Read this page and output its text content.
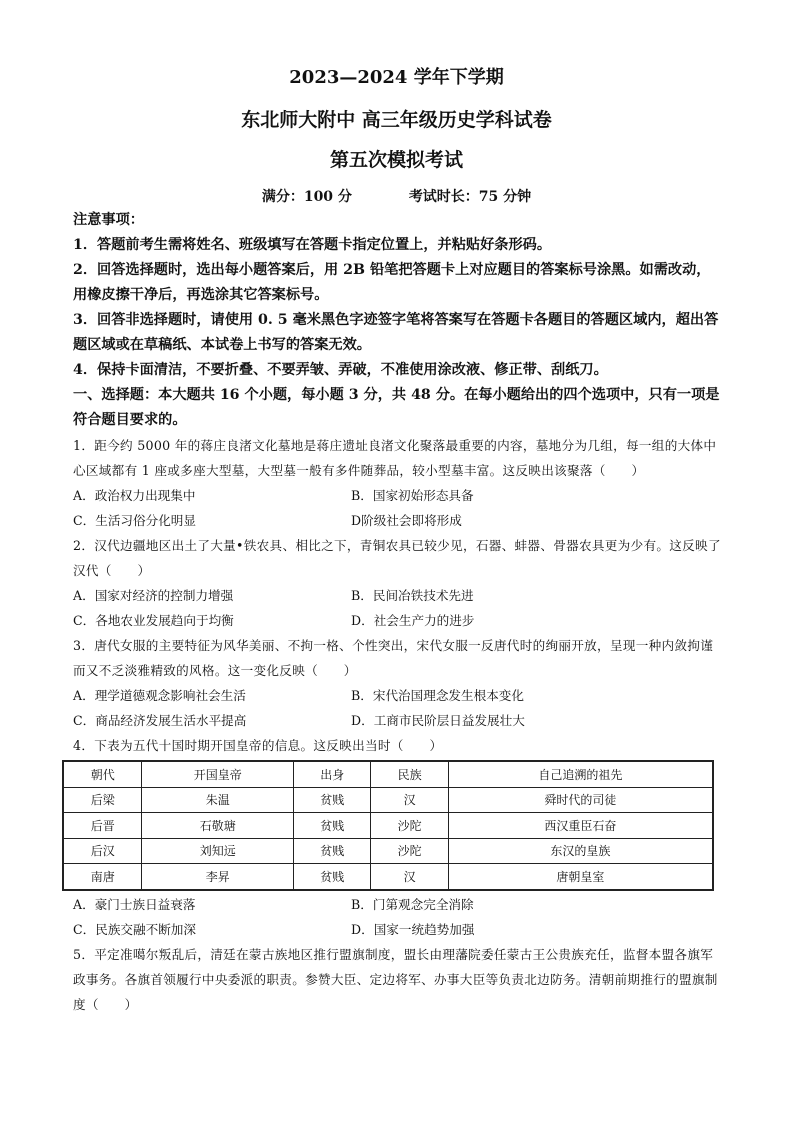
2023—2024 学年下学期
东北师大附中 高三年级历史学科试卷
第五次模拟考试
满分：100 分	考试时长：75 分钟
注意事项：
1．答题前考生需将姓名、班级填写在答题卡指定位置上，并粘贴好条形码。
2．回答选择题时，选出每小题答案后，用 2B 铅笔把答题卡上对应题目的答案标号涂黑。如需改动，用橡皮擦干净后，再选涂其它答案标号。
3．回答非选择题时，请使用 0. 5 毫米黑色字迹签字笔将答案写在答题卡各题目的答题区域内，超出答题区域或在草稿纸、本试卷上书写的答案无效。
4．保持卡面清洁，不要折叠、不要弄皱、弄破，不准使用涂改液、修正带、刮纸刀。
一、选择题：本大题共 16 个小题，每小题 3 分，共 48 分。在每小题给出的四个选项中，只有一项是符合题目要求的。
1．距今约 5000 年的蒋庄良渚文化墓地是蒋庄遗址良渚文化聚落最重要的内容，墓地分为几组，每一组的大体中心区域都有 1 座或多座大型墓，大型墓一般有多件随葬品，较小型墓丰富。这反映出该聚落（　　）
A．政治权力出现集中	B．国家初始形态具备
C．生活习俗分化明显	D阶级社会即将形成
2．汉代边疆地区出土了大量•铁农具、相比之下，青铜农具已较少见，石器、蚌器、骨器农具更为少有。这反映了汉代（　　）
A．国家对经济的控制力增强	B．民间冶铁技术先进
C．各地农业发展趋向于均衡	D．社会生产力的进步
3．唐代女服的主要特征为风华美丽、不拘一格、个性突出，宋代女服一反唐代时的绚丽开放，呈现一种内敛拘谨而又不乏淡雅精致的风格。这一变化反映（　　）
A．理学道德观念影响社会生活	B．宋代治国理念发生根本变化
C．商品经济发展生活水平提高	D．工商市民阶层日益发展壮大
4．下表为五代十国时期开国皇帝的信息。这反映出当时（　　）
朝代	开国皇帝	出身	民族	自己追溯的祖先
后梁	朱温	贫贱	汉	舜时代的司徒
后晋	石敬瑭	贫贱	沙陀	西汉重臣石奋
后汉	刘知远	贫贱	沙陀	东汉的皇族
南唐	李昇	贫贱	汉	唐朝皇室
A．豪门士族日益衰落	B．门第观念完全消除
C．民族交融不断加深	D．国家一统趋势加强
5．平定准噶尔叛乱后，清廷在蒙古族地区推行盟旗制度，盟长由理藩院委任蒙古王公贵族充任，监督本盟各旗军政事务。各旗首领履行中央委派的职责。参赞大臣、定边将军、办事大臣等负责北边防务。清朝前期推行的盟旗制度（　　）
